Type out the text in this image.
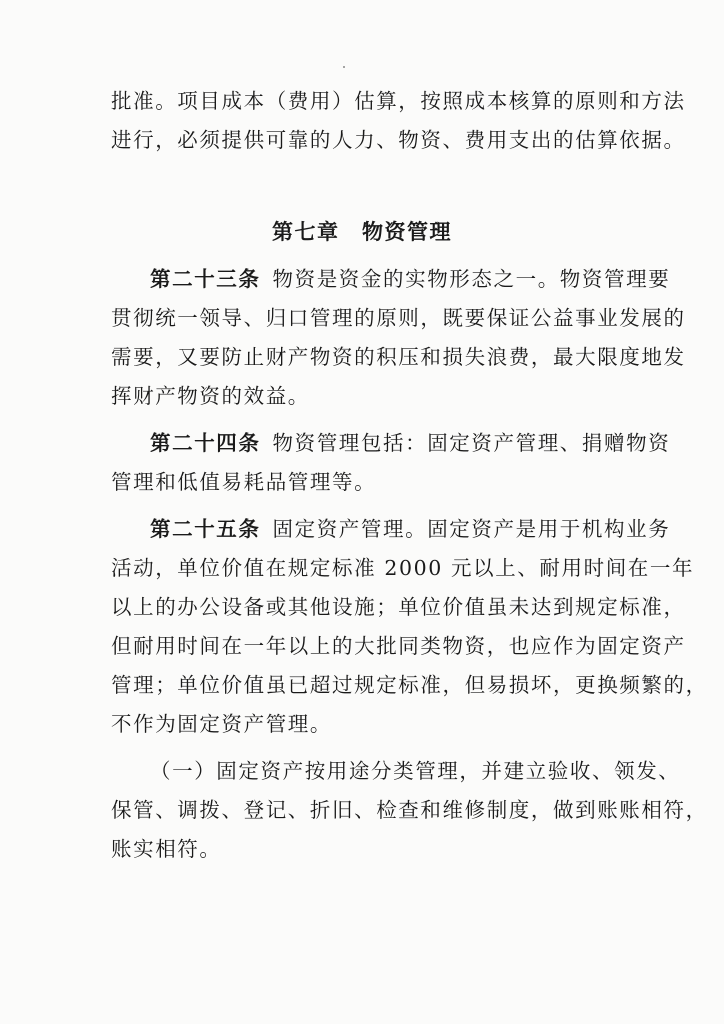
批准。项目成本（费用）估算，按照成本核算的原则和方法
进行，必须提供可靠的人力、物资、费用支出的估算依据。
第七章　物资管理
第二十三条 物资是资金的实物形态之一。物资管理要
贯彻统一领导、归口管理的原则，既要保证公益事业发展的
需要，又要防止财产物资的积压和损失浪费，最大限度地发
挥财产物资的效益。
第二十四条 物资管理包括：固定资产管理、捐赠物资
管理和低值易耗品管理等。
第二十五条 固定资产管理。固定资产是用于机构业务
活动，单位价值在规定标准 2000 元以上、耐用时间在一年
以上的办公设备或其他设施；单位价值虽未达到规定标准，
但耐用时间在一年以上的大批同类物资，也应作为固定资产
管理；单位价值虽已超过规定标准，但易损坏，更换频繁的，
不作为固定资产管理。
（一）固定资产按用途分类管理，并建立验收、领发、
保管、调拨、登记、折旧、检查和维修制度，做到账账相符，
账实相符。
